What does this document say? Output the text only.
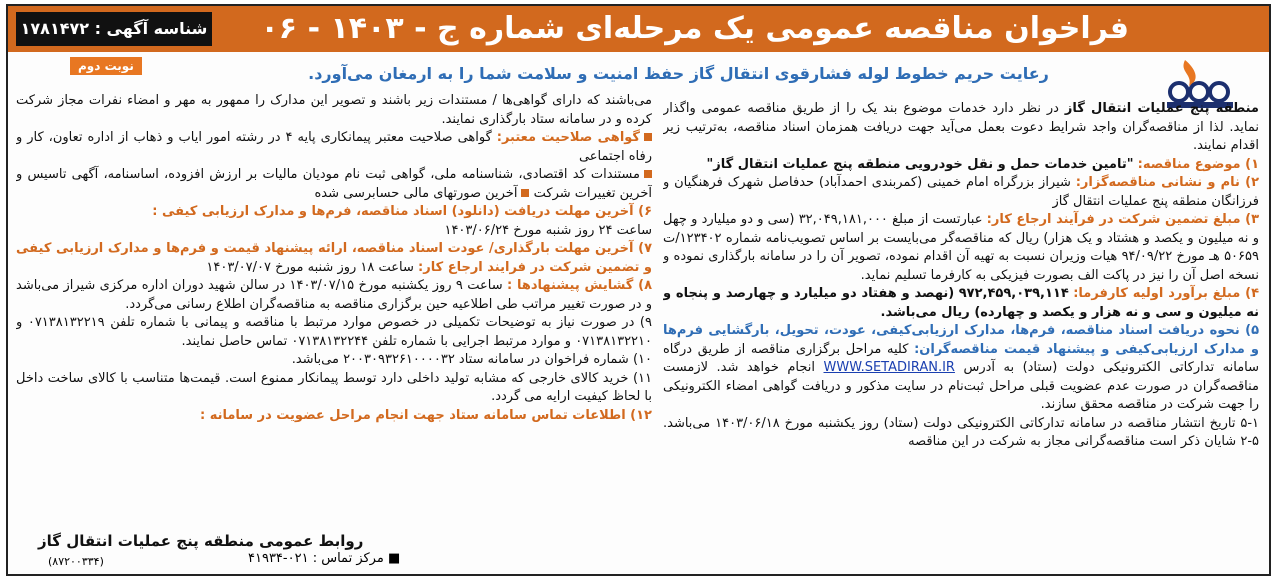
فراخوان مناقصه عمومی یک مرحله‌ای شماره ج - ۱۴۰۳ - ۰۶
شناسه آگهی : ۱۷۸۱۴۷۲
نوبت دوم	رعایت حریم خطوط لوله فشارقوی انتقال گاز حفظ امنیت و سلامت شما را به ارمغان می‌آورد.

منطقه پنج عملیات انتقال گاز در نظر دارد خدمات موضوع بند یک را از طریق مناقصه عمومی واگذار نماید. لذا از مناقصه‌گران واجد شرایط دعوت بعمل می‌آید جهت دریافت همزمان اسناد مناقصه، به‌ترتیب زیر اقدام نمایند.

۱) موضوع مناقصه: "تامین خدمات حمل و نقل خودرویی منطقه پنج عملیات انتقال گاز"

۲) نام و نشانی مناقصه‌گزار: شیراز بزرگراه امام خمینی (کمربندی احمدآباد) حدفاصل شهرک فرهنگیان و فرزانگان منطقه پنج عملیات انتقال گاز

۳) مبلغ تضمین شرکت در فرآیند ارجاع کار: عبارتست از مبلغ ۳۲,۰۴۹,۱۸۱,۰۰۰ (سی و دو میلیارد و چهل و نه میلیون و یکصد و هشتاد و یک هزار) ریال که مناقصه‌گر می‌بایست بر اساس تصویب‌نامه شماره ۱۲۳۴۰۲/ت ۵۰۶۵۹ هـ مورخ ۹۴/۰۹/۲۲ هیات وزیران نسبت به تهیه آن اقدام نموده، تصویر آن را در سامانه بارگذاری نموده و نسخه اصل آن را نیز در پاکت الف بصورت فیزیکی به کارفرما تسلیم نماید.

۴) مبلغ برآورد اولیه کارفرما: ۹۷۲,۴۵۹,۰۳۹,۱۱۴ (نهصد و هفتاد دو میلیارد و چهارصد و پنجاه و نه میلیون و سی و نه هزار و یکصد و چهارده) ریال می‌باشد.

۵) نحوه دریافت اسناد مناقصه، فرم‌ها، مدارک ارزیابی‌کیفی، عودت، تحویل، بارگشایی فرم‌ها و مدارک ارزیابی‌کیفی و پیشنهاد قیمت مناقصه‌گران: کلیه مراحل برگزاری مناقصه از طریق درگاه سامانه تدارکاتی الکترونیکی دولت (ستاد) به آدرس WWW.SETADIRAN.IR انجام خواهد شد. لازمست مناقصه‌گران در صورت عدم عضویت قبلی مراحل ثبت‌نام در سایت مذکور و دریافت گواهی امضاء الکترونیکی را جهت شرکت در مناقصه محقق سازند.

۵-۱ تاریخ انتشار مناقصه در سامانه تدارکاتی الکترونیکی دولت (ستاد) روز یکشنبه مورخ ۱۴۰۳/۰۶/۱۸ می‌باشد. ۵-۲ شایان ذکر است مناقصه‌گرانی مجاز به شرکت در این مناقصه

می‌باشند که دارای گواهی‌ها / مستندات زیر باشند و تصویر این مدارک را ممهور به مهر و امضاء نفرات مجاز شرکت کرده و در سامانه ستاد بارگذاری نمایند.

گواهی صلاحیت معتبر: گواهی صلاحیت معتبر پیمانکاری پایه ۴ در رشته امور ایاب و ذهاب از اداره تعاون، کار و رفاه اجتماعی

مستندات کد اقتصادی، شناسنامه ملی، گواهی ثبت نام مودیان مالیات بر ارزش افزوده، اساسنامه، آگهی تاسیس و آخرین تغییرات شرکت آخرین صورتهای مالی حسابرسی شده

۶) آخرین مهلت دریافت (دانلود) اسناد مناقصه، فرم‌ها و مدارک ارزیابی کیفی :
ساعت ۲۴ روز شنبه مورخ ۱۴۰۳/۰۶/۲۴

۷) آخرین مهلت بارگذاری/ عودت اسناد مناقصه، ارائه پیشنهاد قیمت و فرم‌ها و مدارک ارزیابی کیفی و تضمین شرکت در فرایند ارجاع کار: ساعت ۱۸ روز شنبه مورخ ۱۴۰۳/۰۷/۰۷

۸) گشایش پیشنهادها : ساعت ۹ روز یکشنبه مورخ ۱۴۰۳/۰۷/۱۵ در سالن شهید دوران اداره مرکزی شیراز می‌باشد و در صورت تغییر مراتب طی اطلاعیه حین برگزاری مناقصه به مناقصه‌گران اطلاع رسانی می‌گردد.

۹) در صورت نیاز به توضیحات تکمیلی در خصوص موارد مرتبط با مناقصه و پیمانی با شماره تلفن ۰۷۱۳۸۱۳۲۲۱۹ و ۰۷۱۳۸۱۳۲۲۱۰ و موارد مرتبط اجرایی با شماره تلفن ۰۷۱۳۸۱۳۲۲۴۴ تماس حاصل نمایند.

۱۰) شماره فراخوان در سامانه ستاد ۲۰۰۳۰۹۳۲۶۱۰۰۰۰۳۲ می‌باشد.

۱۱) خرید کالای خارجی که مشابه تولید داخلی دارد توسط پیمانکار ممنوع است. قیمت‌ها متناسب با کالای ساخت داخل با لحاظ کیفیت ارایه می گردد.

۱۲) اطلاعات تماس سامانه ستاد جهت انجام مراحل عضویت در سامانه :

■ مرکز تماس : ۰۲۱-۴۱۹۳۴
روابط عمومی منطقه پنج عملیات انتقال گاز
(۸۷۲۰۰۳۳۴)
